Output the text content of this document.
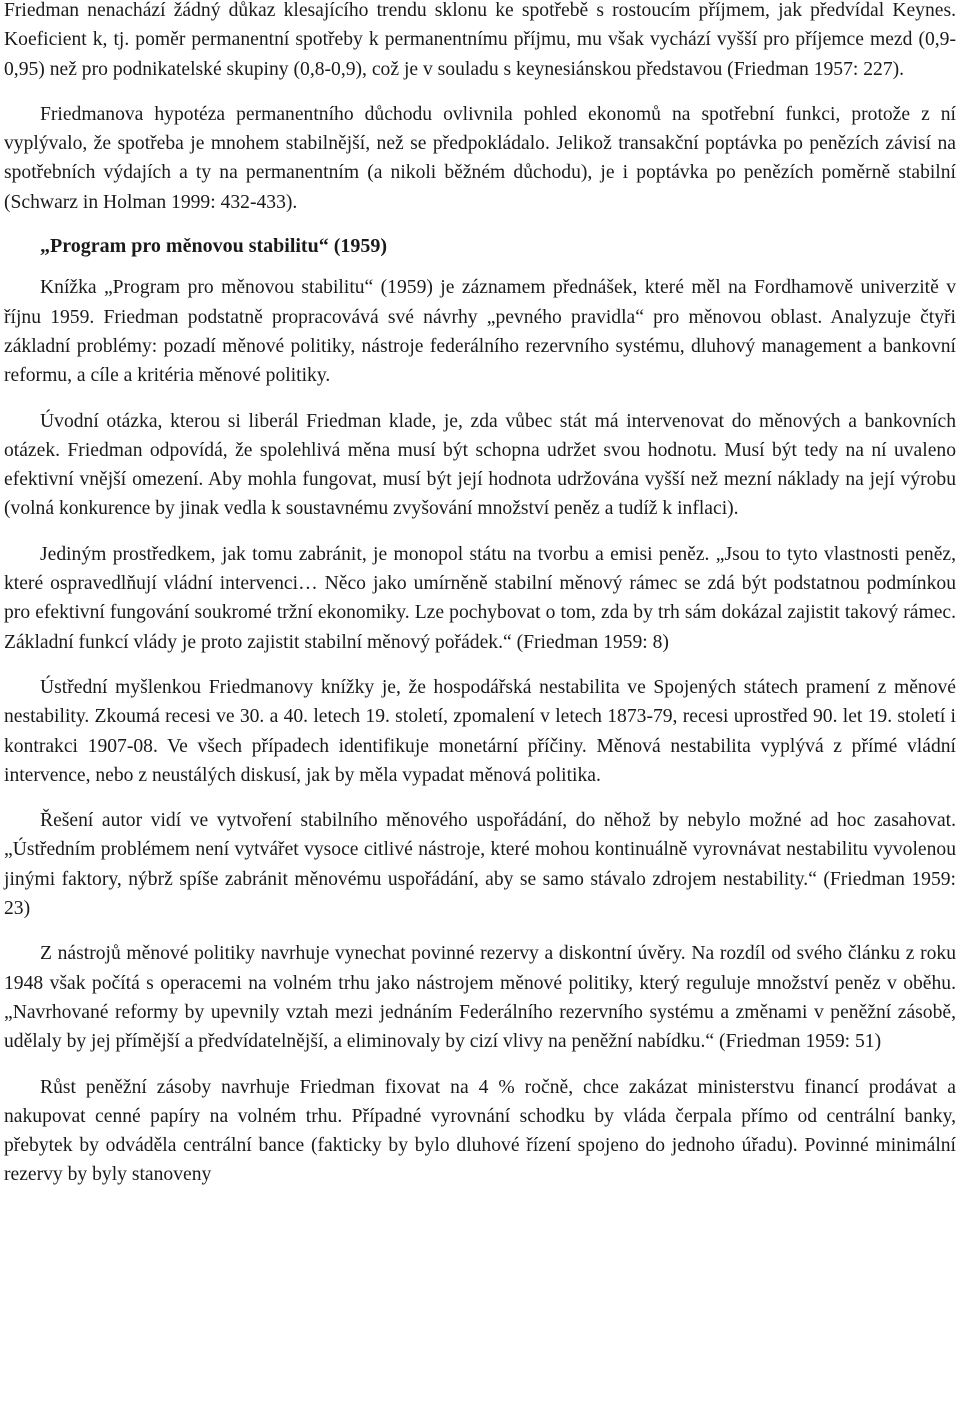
Friedman nenachází žádný důkaz klesajícího trendu sklonu ke spotřebě s rostoucím příjmem, jak předvídal Keynes. Koeficient k, tj. poměr permanentní spotřeby k permanentnímu příjmu, mu však vychází vyšší pro příjemce mezd (0,9-0,95) než pro podnikatelské skupiny (0,8-0,9), což je v souladu s keynesiánskou představou (Friedman 1957: 227).

Friedmanova hypotéza permanentního důchodu ovlivnila pohled ekonomů na spotřební funkci, protože z ní vyplývalo, že spotřeba je mnohem stabilnější, než se předpokládalo. Jelikož transakční poptávka po penězích závisí na spotřebních výdajích a ty na permanentním (a nikoli běžném důchodu), je i poptávka po penězích poměrně stabilní (Schwarz in Holman 1999: 432-433).

„Program pro měnovou stabilitu“ (1959)

Knížka „Program pro měnovou stabilitu“ (1959) je záznamem přednášek, které měl na Fordhamově univerzitě v říjnu 1959. Friedman podstatně propracovává své návrhy „pevného pravidla“ pro měnovou oblast. Analyzuje čtyři základní problémy: pozadí měnové politiky, nástroje federálního rezervního systému, dluhový management a bankovní reformu, a cíle a kritéria měnové politiky.

Úvodní otázka, kterou si liberál Friedman klade, je, zda vůbec stát má intervenovat do měnových a bankovních otázek. Friedman odpovídá, že spolehlivá měna musí být schopna udržet svou hodnotu. Musí být tedy na ní uvaleno efektivní vnější omezení. Aby mohla fungovat, musí být její hodnota udržována vyšší než mezní náklady na její výrobu (volná konkurence by jinak vedla k soustavnému zvyšování množství peněz a tudíž k inflaci).

Jediným prostředkem, jak tomu zabránit, je monopol státu na tvorbu a emisi peněz. „Jsou to tyto vlastnosti peněz, které ospravedlňují vládní intervenci… Něco jako umírněně stabilní měnový rámec se zdá být podstatnou podmínkou pro efektivní fungování soukromé tržní ekonomiky. Lze pochybovat o tom, zda by trh sám dokázal zajistit takový rámec. Základní funkcí vlády je proto zajistit stabilní měnový pořádek.“ (Friedman 1959: 8)

Ústřední myšlenkou Friedmanovy knížky je, že hospodářská nestabilita ve Spojených státech pramení z měnové nestability. Zkoumá recesi ve 30. a 40. letech 19. století, zpomalení v letech 1873-79, recesi uprostřed 90. let 19. století i kontrakci 1907-08. Ve všech případech identifikuje monetární příčiny. Měnová nestabilita vyplývá z přímé vládní intervence, nebo z neustálých diskusí, jak by měla vypadat měnová politika.

Řešení autor vidí ve vytvoření stabilního měnového uspořádání, do něhož by nebylo možné ad hoc zasahovat. „Ústředním problémem není vytvářet vysoce citlivé nástroje, které mohou kontinuálně vyrovnávat nestabilitu vyvolenou jinými faktory, nýbrž spíše zabránit měnovému uspořádání, aby se samo stávalo zdrojem nestability.“ (Friedman 1959: 23)

Z nástrojů měnové politiky navrhuje vynechat povinné rezervy a diskontní úvěry. Na rozdíl od svého článku z roku 1948 však počítá s operacemi na volném trhu jako nástrojem měnové politiky, který reguluje množství peněz v oběhu. „Navrhované reformy by upevnily vztah mezi jednáním Federálního rezervního systému a změnami v peněžní zásobě, udělaly by jej přímější a předvídatelnější, a eliminovaly by cizí vlivy na peněžní nabídku.“ (Friedman 1959: 51)

Růst peněžní zásoby navrhuje Friedman fixovat na 4 % ročně, chce zakázat ministerstvu financí prodávat a nakupovat cenné papíry na volném trhu. Případné vyrovnání schodku by vláda čerpala přímo od centrální banky, přebytek by odváděla centrální bance (fakticky by bylo dluhové řízení spojeno do jednoho úřadu). Povinné minimální rezervy by byly stanoveny
